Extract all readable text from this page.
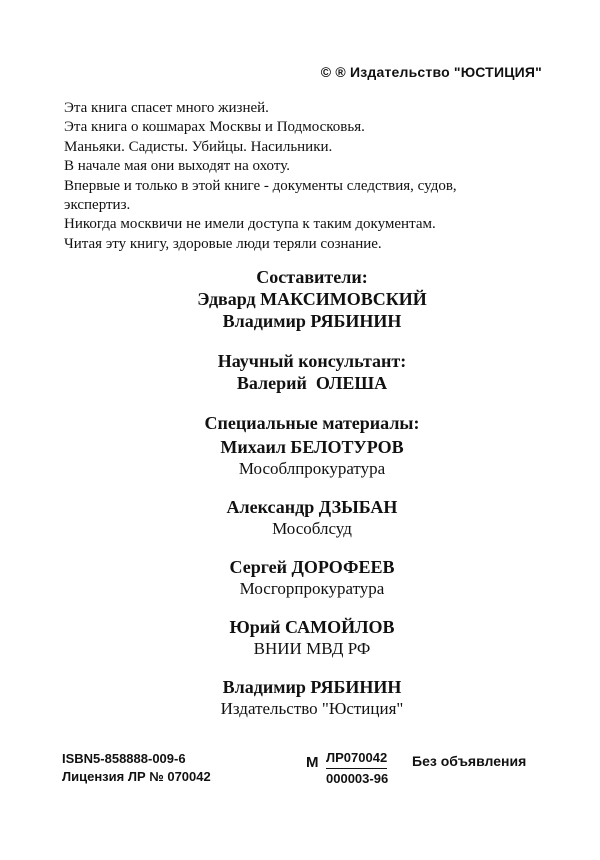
© ® Издательство "ЮСТИЦИЯ"
Эта книга спасет много жизней.
Эта книга о кошмарах Москвы и Подмосковья.
Маньяки. Садисты. Убийцы. Насильники.
В начале мая они выходят на охоту.
Впервые и только в этой книге - документы следствия, судов,
экспертиз.
Никогда москвичи не имели доступа к таким документам.
Читая эту книгу, здоровые люди теряли сознание.
Составители:
Эдвард МАКСИМОВСКИЙ
Владимир РЯБИНИН
Научный консультант:
Валерий  ОЛЕША
Специальные материалы:
Михаил БЕЛОТУРОВ
Мособлпрокуратура
Александр ДЗЫБАН
Мособлсуд
Сергей ДОРОФЕЕВ
Мосгорпрокуратура
Юрий САМОЙЛОВ
ВНИИ МВД РФ
Владимир РЯБИНИН
Издательство "Юстиция"
ISBN5-858888-009-6
Лицензия ЛР № 070042
М ЛР070042
000003-96
Без объявления
